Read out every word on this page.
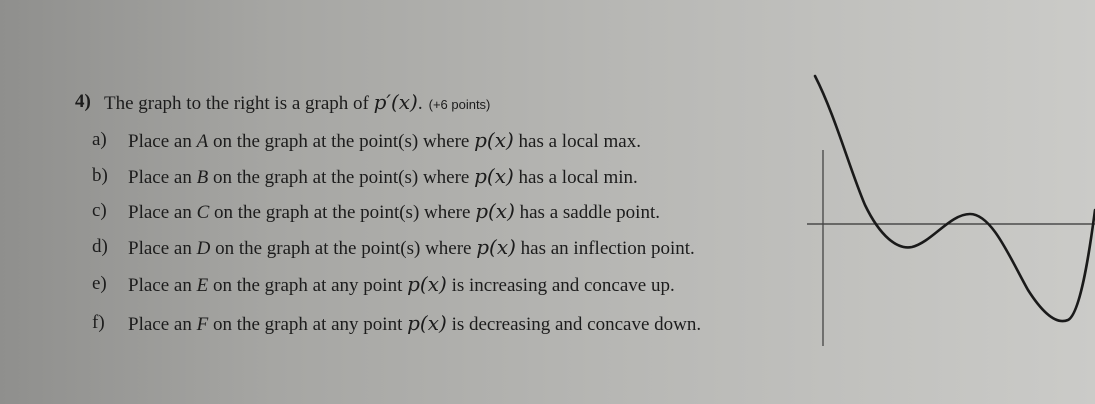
4) The graph to the right is a graph of p′(x). (+6 points)
a) Place an A on the graph at the point(s) where p(x) has a local max.
b) Place an B on the graph at the point(s) where p(x) has a local min.
c) Place an C on the graph at the point(s) where p(x) has a saddle point.
d) Place an D on the graph at the point(s) where p(x) has an inflection point.
e) Place an E on the graph at any point p(x) is increasing and concave up.
f) Place an F on the graph at any point p(x) is decreasing and concave down.
